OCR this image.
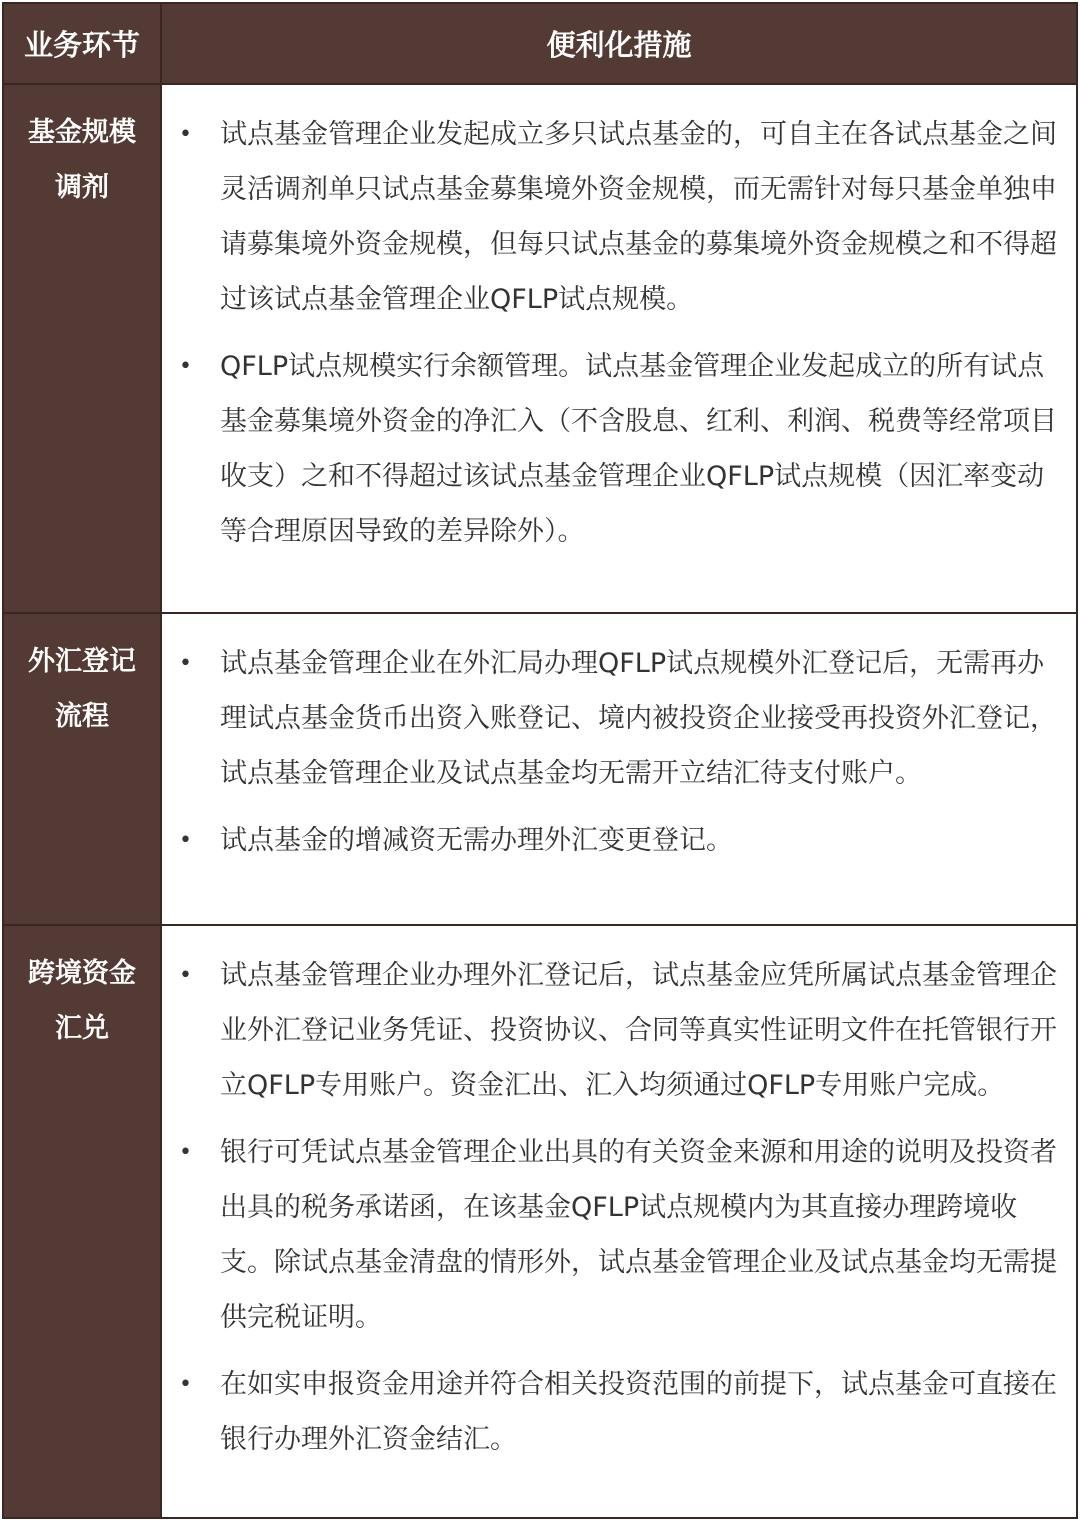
业务环节	便利化措施
基金规模
调剂
• 试点基金管理企业发起成立多只试点基金的，可自主在各试点基金之间灵活调剂单只试点基金募集境外资金规模，而无需针对每只基金单独申请募集境外资金规模，但每只试点基金的募集境外资金规模之和不得超过该试点基金管理企业QFLP试点规模。
• QFLP试点规模实行余额管理。试点基金管理企业发起成立的所有试点基金募集境外资金的净汇入（不含股息、红利、利润、税费等经常项目收支）之和不得超过该试点基金管理企业QFLP试点规模（因汇率变动等合理原因导致的差异除外）。
外汇登记
流程
• 试点基金管理企业在外汇局办理QFLP试点规模外汇登记后，无需再办理试点基金货币出资入账登记、境内被投资企业接受再投资外汇登记，试点基金管理企业及试点基金均无需开立结汇待支付账户。
• 试点基金的增减资无需办理外汇变更登记。
跨境资金
汇兑
• 试点基金管理企业办理外汇登记后，试点基金应凭所属试点基金管理企业外汇登记业务凭证、投资协议、合同等真实性证明文件在托管银行开立QFLP专用账户。资金汇出、汇入均须通过QFLP专用账户完成。
• 银行可凭试点基金管理企业出具的有关资金来源和用途的说明及投资者出具的税务承诺函，在该基金QFLP试点规模内为其直接办理跨境收支。除试点基金清盘的情形外，试点基金管理企业及试点基金均无需提供完税证明。
• 在如实申报资金用途并符合相关投资范围的前提下，试点基金可直接在银行办理外汇资金结汇。
